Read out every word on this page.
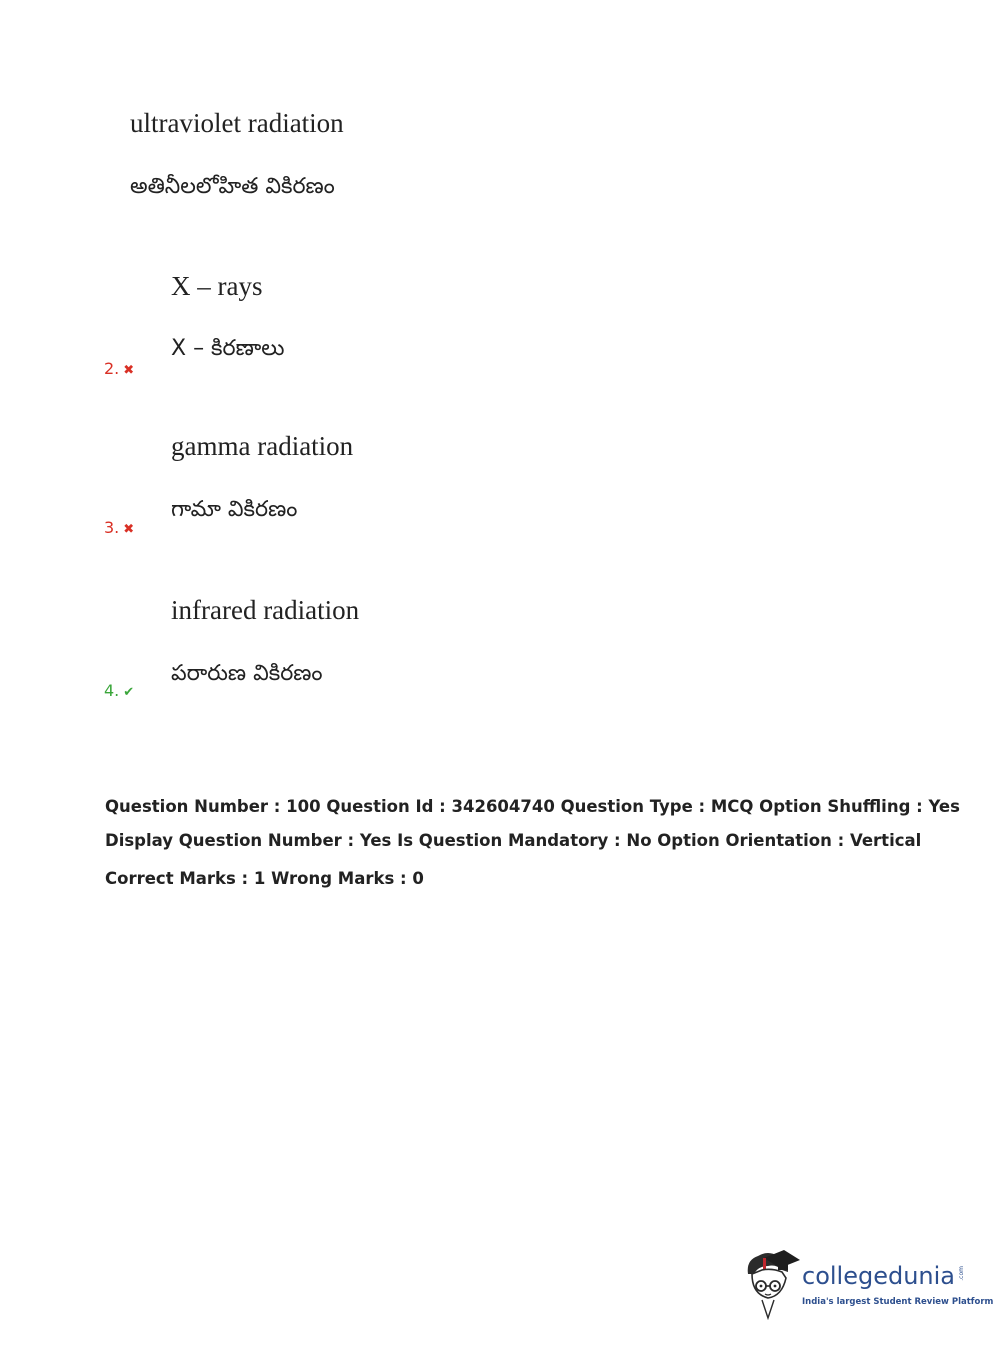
ultraviolet radiation
అతినీలలోహిత వికిరణం
X – rays
X – కిరణాలు
2. ✖
gamma radiation
గామా వికిరణం
3. ✖
infrared radiation
పరారుణ వికిరణం
4. ✔
Question Number : 100 Question Id : 342604740 Question Type : MCQ Option Shuffling : Yes
Display Question Number : Yes Is Question Mandatory : No Option Orientation : Vertical
Correct Marks : 1 Wrong Marks : 0
collegedunia .com
India's largest Student Review Platform
